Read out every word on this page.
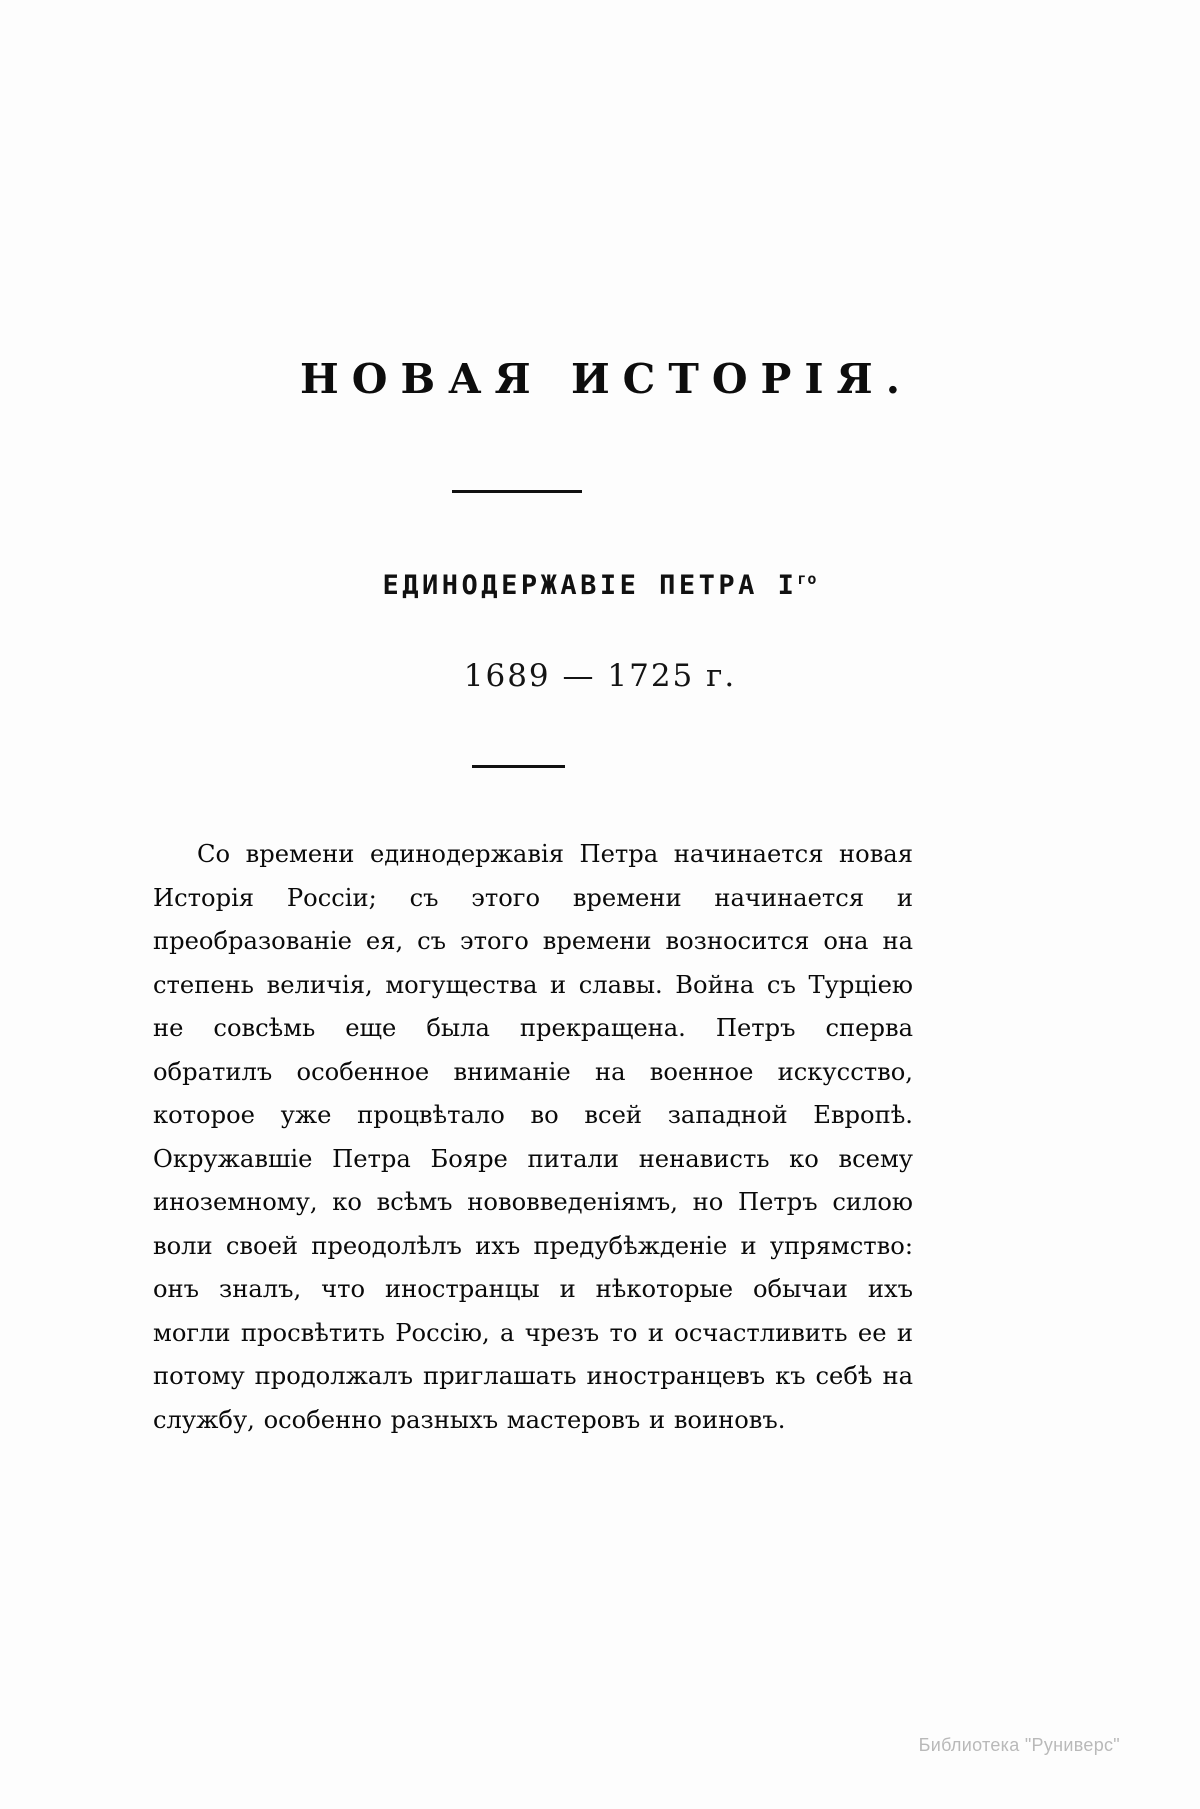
НОВАЯ ИСТОРІЯ.
ЕДИНОДЕРЖАВІЕ ПЕТРА $І^{го}$
1689 — 1725 г.
Со времени единодержавія Петра начинается новая Исторія Россіи; съ этого времени начинается и преобразованіе ея, съ этого времени возносится она на степень величія, могущества и славы. Война съ Турціею не совсѣмь еще была прекращена. Петръ сперва обратилъ особенное вниманіе на военное искусство, которое уже процвѣтало во всей западной Европѣ. Окружавшіе Петра Бояре питали ненависть ко всему иноземному, ко всѣмъ нововведеніямъ, но Петръ силою воли своей преодолѣлъ ихъ предубѣжденіе и упрямство: онъ зналъ, что иностранцы и нѣкоторые обычаи ихъ могли просвѣтить Россію, а чрезъ то и осчастливить ее и потому продолжалъ приглашать иностранцевъ къ себѣ на службу, особенно разныхъ мастеровъ и воиновъ.
Библиотека "Руниверс"
